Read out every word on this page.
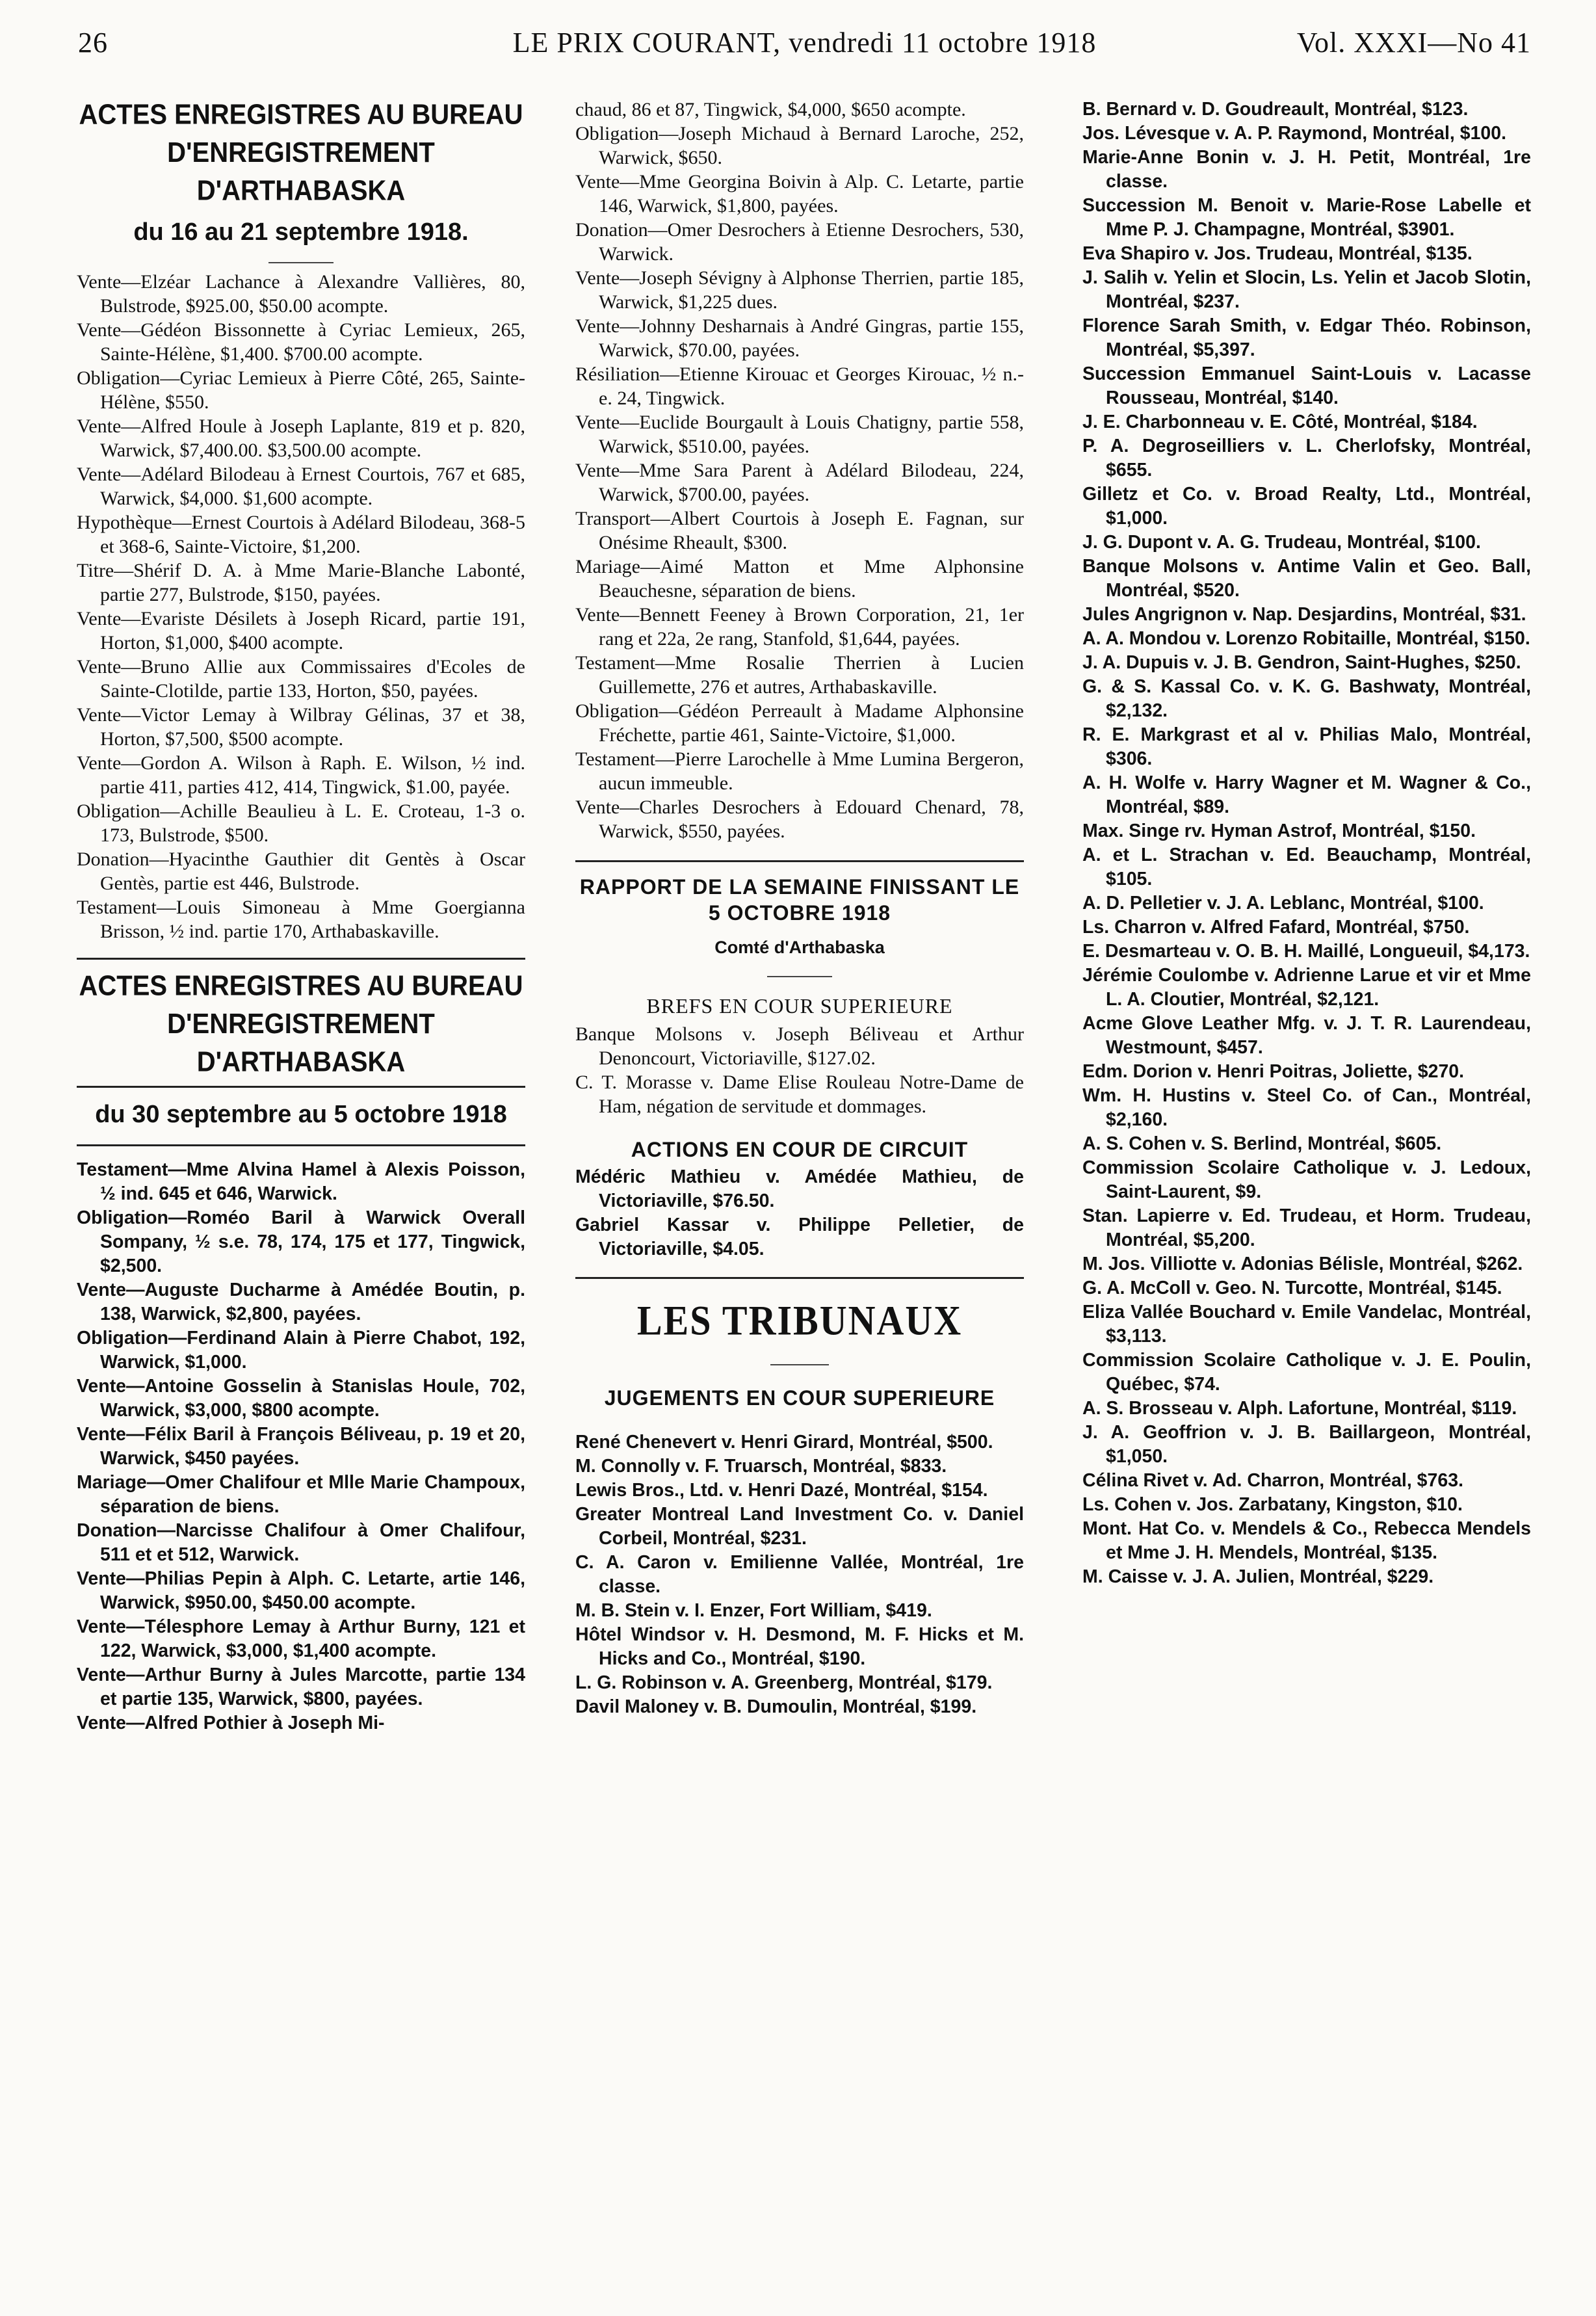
26	LE PRIX COURANT, vendredi 11 octobre 1918	Vol. XXXI—No 41
ACTES ENREGISTRES AU BUREAU D'ENREGISTREMENT D'ARTHABASKA
du 16 au 21 septembre 1918.

Vente—Elzéar Lachance à Alexandre Vallières, 80, Bulstrode, $925.00, $50.00 acompte.

Vente—Gédéon Bissonnette à Cyriac Lemieux, 265, Sainte-Hélène, $1,400. $700.00 acompte.

Obligation—Cyriac Lemieux à Pierre Côté, 265, Sainte-Hélène, $550.

Vente—Alfred Houle à Joseph Laplante, 819 et p. 820, Warwick, $7,400.00. $3,500.00 acompte.

Vente—Adélard Bilodeau à Ernest Courtois, 767 et 685, Warwick, $4,000. $1,600 acompte.

Hypothèque—Ernest Courtois à Adélard Bilodeau, 368-5 et 368-6, Sainte-Victoire, $1,200.

Titre—Shérif D. A. à Mme Marie-Blanche Labonté, partie 277, Bulstrode, $150, payées.

Vente—Evariste Désilets à Joseph Ricard, partie 191, Horton, $1,000, $400 acompte.

Vente—Bruno Allie aux Commissaires d'Ecoles de Sainte-Clotilde, partie 133, Horton, $50, payées.

Vente—Victor Lemay à Wilbray Gélinas, 37 et 38, Horton, $7,500, $500 acompte.

Vente—Gordon A. Wilson à Raph. E. Wilson, ½ ind. partie 411, parties 412, 414, Tingwick, $1.00, payée.

Obligation—Achille Beaulieu à L. E. Croteau, 1-3 o. 173, Bulstrode, $500.

Donation—Hyacinthe Gauthier dit Gentès à Oscar Gentès, partie est 446, Bulstrode.

Testament—Louis Simoneau à Mme Goergianna Brisson, ½ ind. partie 170, Arthabaskaville.

ACTES ENREGISTRES AU BUREAU D'ENREGISTREMENT D'ARTHABASKA
du 30 septembre au 5 octobre 1918

Testament—Mme Alvina Hamel à Alexis Poisson, ½ ind. 645 et 646, Warwick.

Obligation—Roméo Baril à Warwick Overall Sompany, ½ s.e. 78, 174, 175 et 177, Tingwick, $2,500.

Vente—Auguste Ducharme à Amédée Boutin, p. 138, Warwick, $2,800, payées.

Obligation—Ferdinand Alain à Pierre Chabot, 192, Warwick, $1,000.

Vente—Antoine Gosselin à Stanislas Houle, 702, Warwick, $3,000, $800 acompte.

Vente—Félix Baril à François Béliveau, p. 19 et 20, Warwick, $450 payées.

Mariage—Omer Chalifour et Mlle Marie Champoux, séparation de biens.

Donation—Narcisse Chalifour à Omer Chalifour, 511 et et 512, Warwick.

Vente—Philias Pepin à Alph. C. Letarte, artie 146, Warwick, $950.00, $450.00 acompte.

Vente—Télesphore Lemay à Arthur Burny, 121 et 122, Warwick, $3,000, $1,400 acompte.

Vente—Arthur Burny à Jules Marcotte, partie 134 et partie 135, Warwick, $800, payées.

Vente—Alfred Pothier à Joseph Mi-

chaud, 86 et 87, Tingwick, $4,000, $650 acompte.

Obligation—Joseph Michaud à Bernard Laroche, 252, Warwick, $650.

Vente—Mme Georgina Boivin à Alp. C. Letarte, partie 146, Warwick, $1,800, payées.

Donation—Omer Desrochers à Etienne Desrochers, 530, Warwick.

Vente—Joseph Sévigny à Alphonse Therrien, partie 185, Warwick, $1,225 dues.

Vente—Johnny Desharnais à André Gingras, partie 155, Warwick, $70.00, payées.

Résiliation—Etienne Kirouac et Georges Kirouac, ½ n.-e. 24, Tingwick.

Vente—Euclide Bourgault à Louis Chatigny, partie 558, Warwick, $510.00, payées.

Vente—Mme Sara Parent à Adélard Bilodeau, 224, Warwick, $700.00, payées.

Transport—Albert Courtois à Joseph E. Fagnan, sur Onésime Rheault, $300.

Mariage—Aimé Matton et Mme Alphonsine Beauchesne, séparation de biens.

Vente—Bennett Feeney à Brown Corporation, 21, 1er rang et 22a, 2e rang, Stanfold, $1,644, payées.

Testament—Mme Rosalie Therrien à Lucien Guillemette, 276 et autres, Arthabaskaville.

Obligation—Gédéon Perreault à Madame Alphonsine Fréchette, partie 461, Sainte-Victoire, $1,000.

Testament—Pierre Larochelle à Mme Lumina Bergeron, aucun immeuble.

Vente—Charles Desrochers à Edouard Chenard, 78, Warwick, $550, payées.

RAPPORT DE LA SEMAINE FINISSANT LE 5 OCTOBRE 1918
Comté d'Arthabaska
BREFS EN COUR SUPERIEURE

Banque Molsons v. Joseph Béliveau et Arthur Denoncourt, Victoriaville, $127.02.

C. T. Morasse v. Dame Elise Rouleau Notre-Dame de Ham, négation de servitude et dommages.

ACTIONS EN COUR DE CIRCUIT

Médéric Mathieu v. Amédée Mathieu, de Victoriaville, $76.50.

Gabriel Kassar v. Philippe Pelletier, de Victoriaville, $4.05.

LES TRIBUNAUX
JUGEMENTS EN COUR SUPERIEURE

René Chenevert v. Henri Girard, Montréal, $500.

M. Connolly v. F. Truarsch, Montréal, $833.

Lewis Bros., Ltd. v. Henri Dazé, Montréal, $154.

Greater Montreal Land Investment Co. v. Daniel Corbeil, Montréal, $231.

C. A. Caron v. Emilienne Vallée, Montréal, 1re classe.

M. B. Stein v. I. Enzer, Fort William, $419.

Hôtel Windsor v. H. Desmond, M. F. Hicks et M. Hicks and Co., Montréal, $190.

L. G. Robinson v. A. Greenberg, Montréal, $179.

Davil Maloney v. B. Dumoulin, Montréal, $199.

B. Bernard v. D. Goudreault, Montréal, $123.

Jos. Lévesque v. A. P. Raymond, Montréal, $100.

Marie-Anne Bonin v. J. H. Petit, Montréal, 1re classe.

Succession M. Benoit v. Marie-Rose Labelle et Mme P. J. Champagne, Montréal, $3901.

Eva Shapiro v. Jos. Trudeau, Montréal, $135.

J. Salih v. Yelin et Slocin, Ls. Yelin et Jacob Slotin, Montréal, $237.

Florence Sarah Smith, v. Edgar Théo. Robinson, Montréal, $5,397.

Succession Emmanuel Saint-Louis v. Lacasse Rousseau, Montréal, $140.

J. E. Charbonneau v. E. Côté, Montréal, $184.

P. A. Degroseilliers v. L. Cherlofsky, Montréal, $655.

Gilletz et Co. v. Broad Realty, Ltd., Montréal, $1,000.

J. G. Dupont v. A. G. Trudeau, Montréal, $100.

Banque Molsons v. Antime Valin et Geo. Ball, Montréal, $520.

Jules Angrignon v. Nap. Desjardins, Montréal, $31.

A. A. Mondou v. Lorenzo Robitaille, Montréal, $150.

J. A. Dupuis v. J. B. Gendron, Saint-Hughes, $250.

G. & S. Kassal Co. v. K. G. Bashwaty, Montréal, $2,132.

R. E. Markgrast et al v. Philias Malo, Montréal, $306.

A. H. Wolfe v. Harry Wagner et M. Wagner & Co., Montréal, $89.

Max. Singe rv. Hyman Astrof, Montréal, $150.

A. et L. Strachan v. Ed. Beauchamp, Montréal, $105.

A. D. Pelletier v. J. A. Leblanc, Montréal, $100.

Ls. Charron v. Alfred Fafard, Montréal, $750.

E. Desmarteau v. O. B. H. Maillé, Longueuil, $4,173.

Jérémie Coulombe v. Adrienne Larue et vir et Mme L. A. Cloutier, Montréal, $2,121.

Acme Glove Leather Mfg. v. J. T. R. Laurendeau, Westmount, $457.

Edm. Dorion v. Henri Poitras, Joliette, $270.

Wm. H. Hustins v. Steel Co. of Can., Montréal, $2,160.

A. S. Cohen v. S. Berlind, Montréal, $605.

Commission Scolaire Catholique v. J. Ledoux, Saint-Laurent, $9.

Stan. Lapierre v. Ed. Trudeau, et Horm. Trudeau, Montréal, $5,200.

M. Jos. Villiotte v. Adonias Bélisle, Montréal, $262.

G. A. McColl v. Geo. N. Turcotte, Montréal, $145.

Eliza Vallée Bouchard v. Emile Vandelac, Montréal, $3,113.

Commission Scolaire Catholique v. J. E. Poulin, Québec, $74.

A. S. Brosseau v. Alph. Lafortune, Montréal, $119.

J. A. Geoffrion v. J. B. Baillargeon, Montréal, $1,050.

Célina Rivet v. Ad. Charron, Montréal, $763.

Ls. Cohen v. Jos. Zarbatany, Kingston, $10.

Mont. Hat Co. v. Mendels & Co., Rebecca Mendels et Mme J. H. Mendels, Montréal, $135.

M. Caisse v. J. A. Julien, Montréal, $229.
